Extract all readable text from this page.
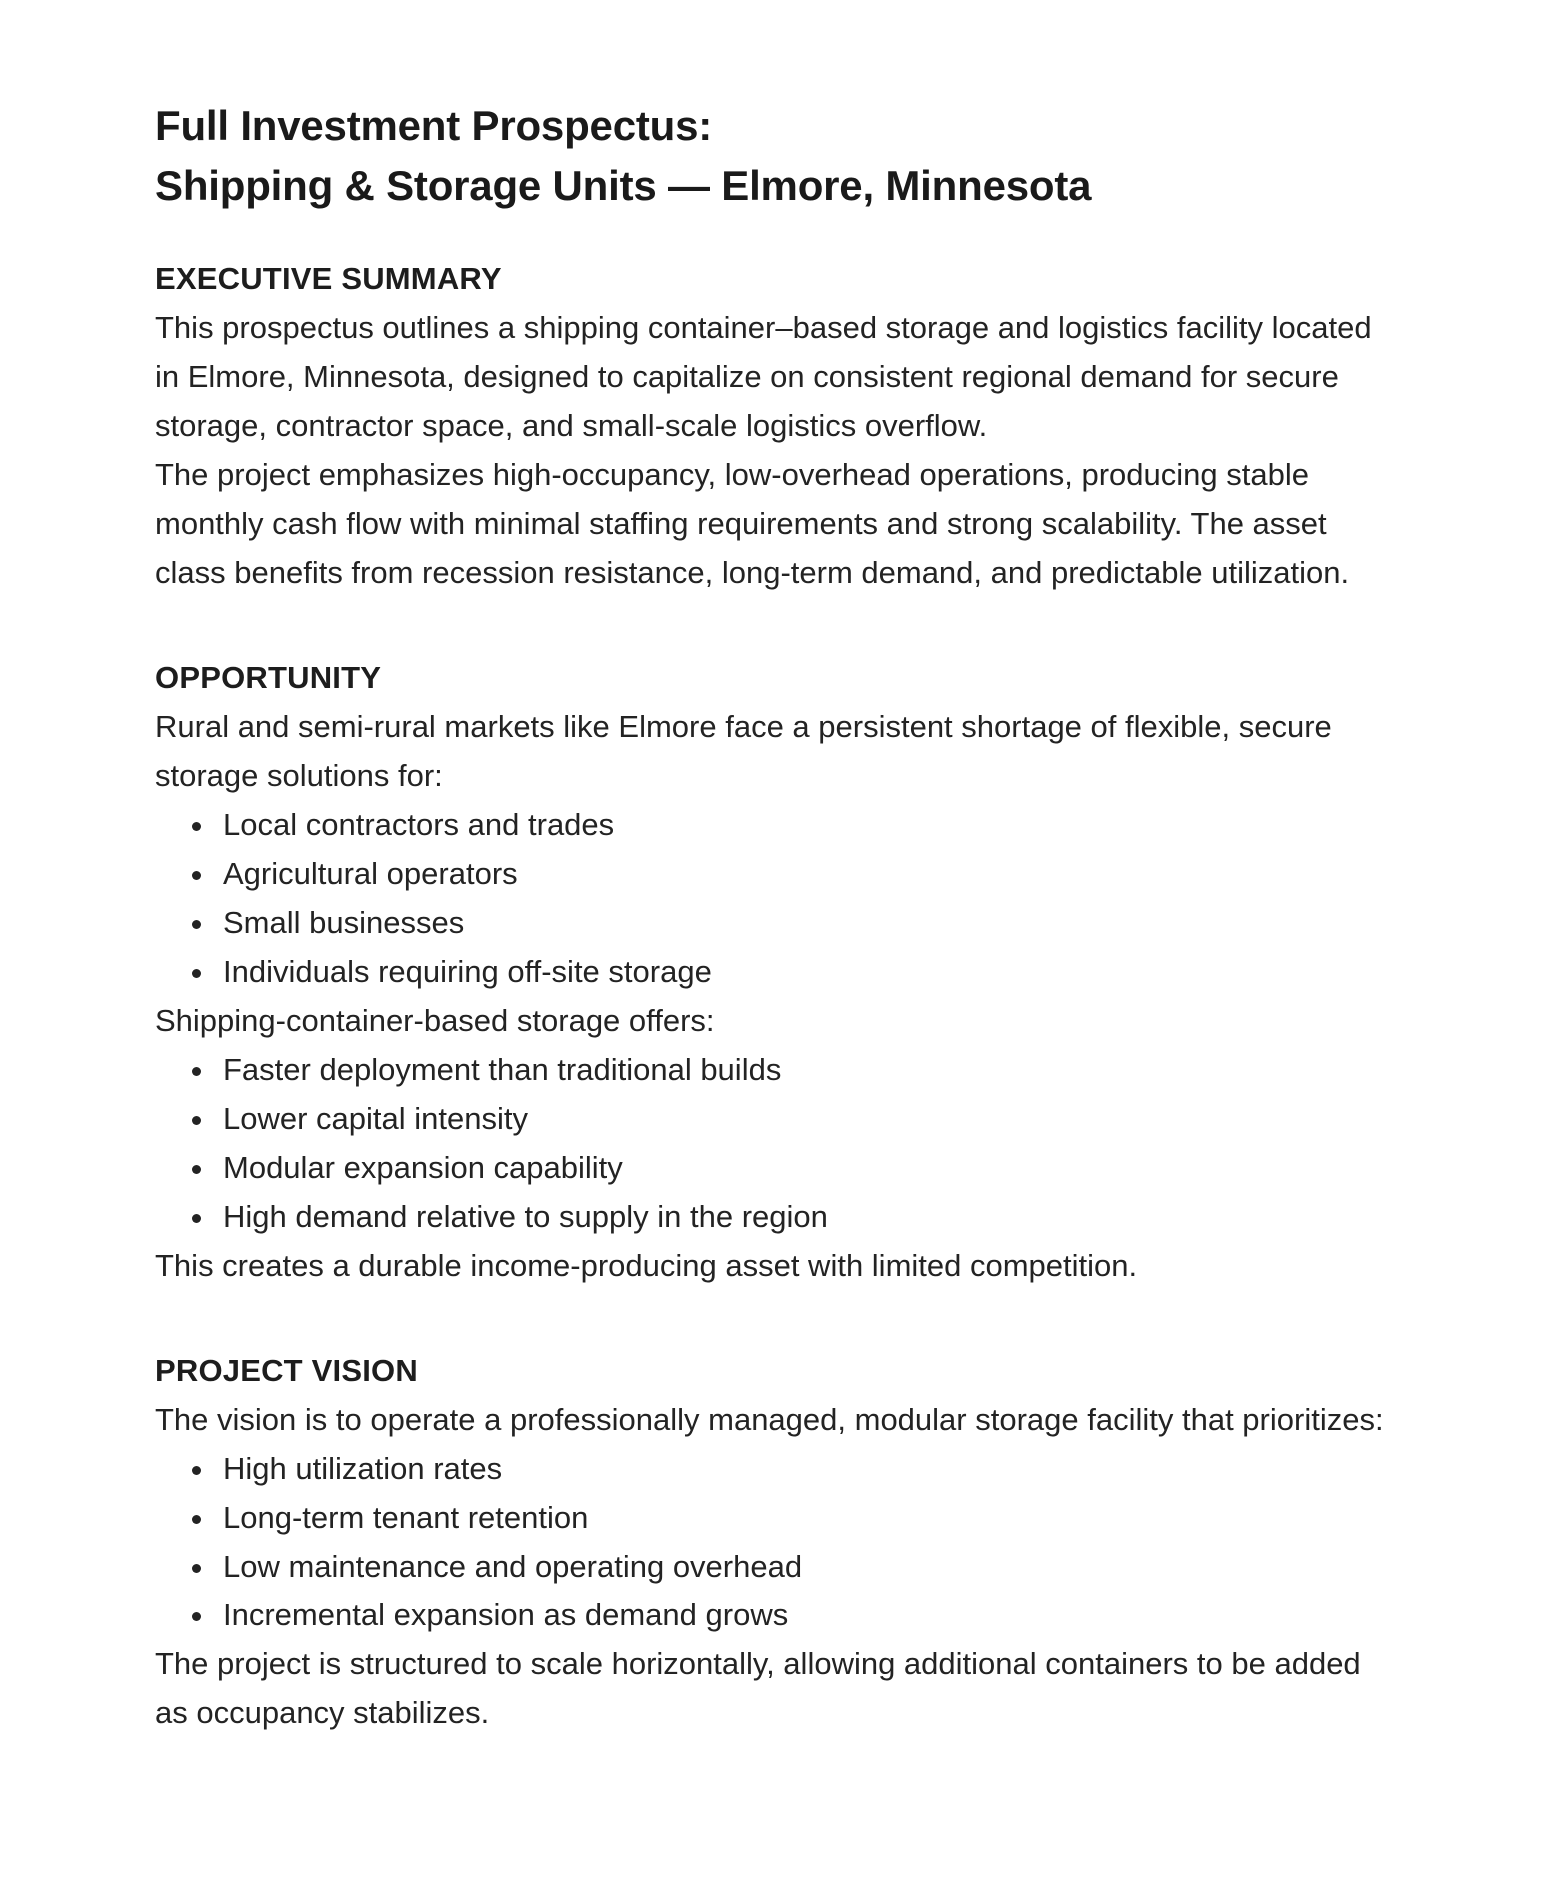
Full Investment Prospectus:
Shipping & Storage Units — Elmore, Minnesota
EXECUTIVE SUMMARY

This prospectus outlines a shipping container–based storage and logistics facility located in Elmore, Minnesota, designed to capitalize on consistent regional demand for secure storage, contractor space, and small-scale logistics overflow.

The project emphasizes high-occupancy, low-overhead operations, producing stable monthly cash flow with minimal staffing requirements and strong scalability. The asset class benefits from recession resistance, long-term demand, and predictable utilization.

OPPORTUNITY

Rural and semi-rural markets like Elmore face a persistent shortage of flexible, secure storage solutions for:

• Local contractors and trades
• Agricultural operators
• Small businesses
• Individuals requiring off-site storage

Shipping-container-based storage offers:

• Faster deployment than traditional builds
• Lower capital intensity
• Modular expansion capability
• High demand relative to supply in the region

This creates a durable income-producing asset with limited competition.

PROJECT VISION

The vision is to operate a professionally managed, modular storage facility that prioritizes:

• High utilization rates
• Long-term tenant retention
• Low maintenance and operating overhead
• Incremental expansion as demand grows

The project is structured to scale horizontally, allowing additional containers to be added as occupancy stabilizes.
